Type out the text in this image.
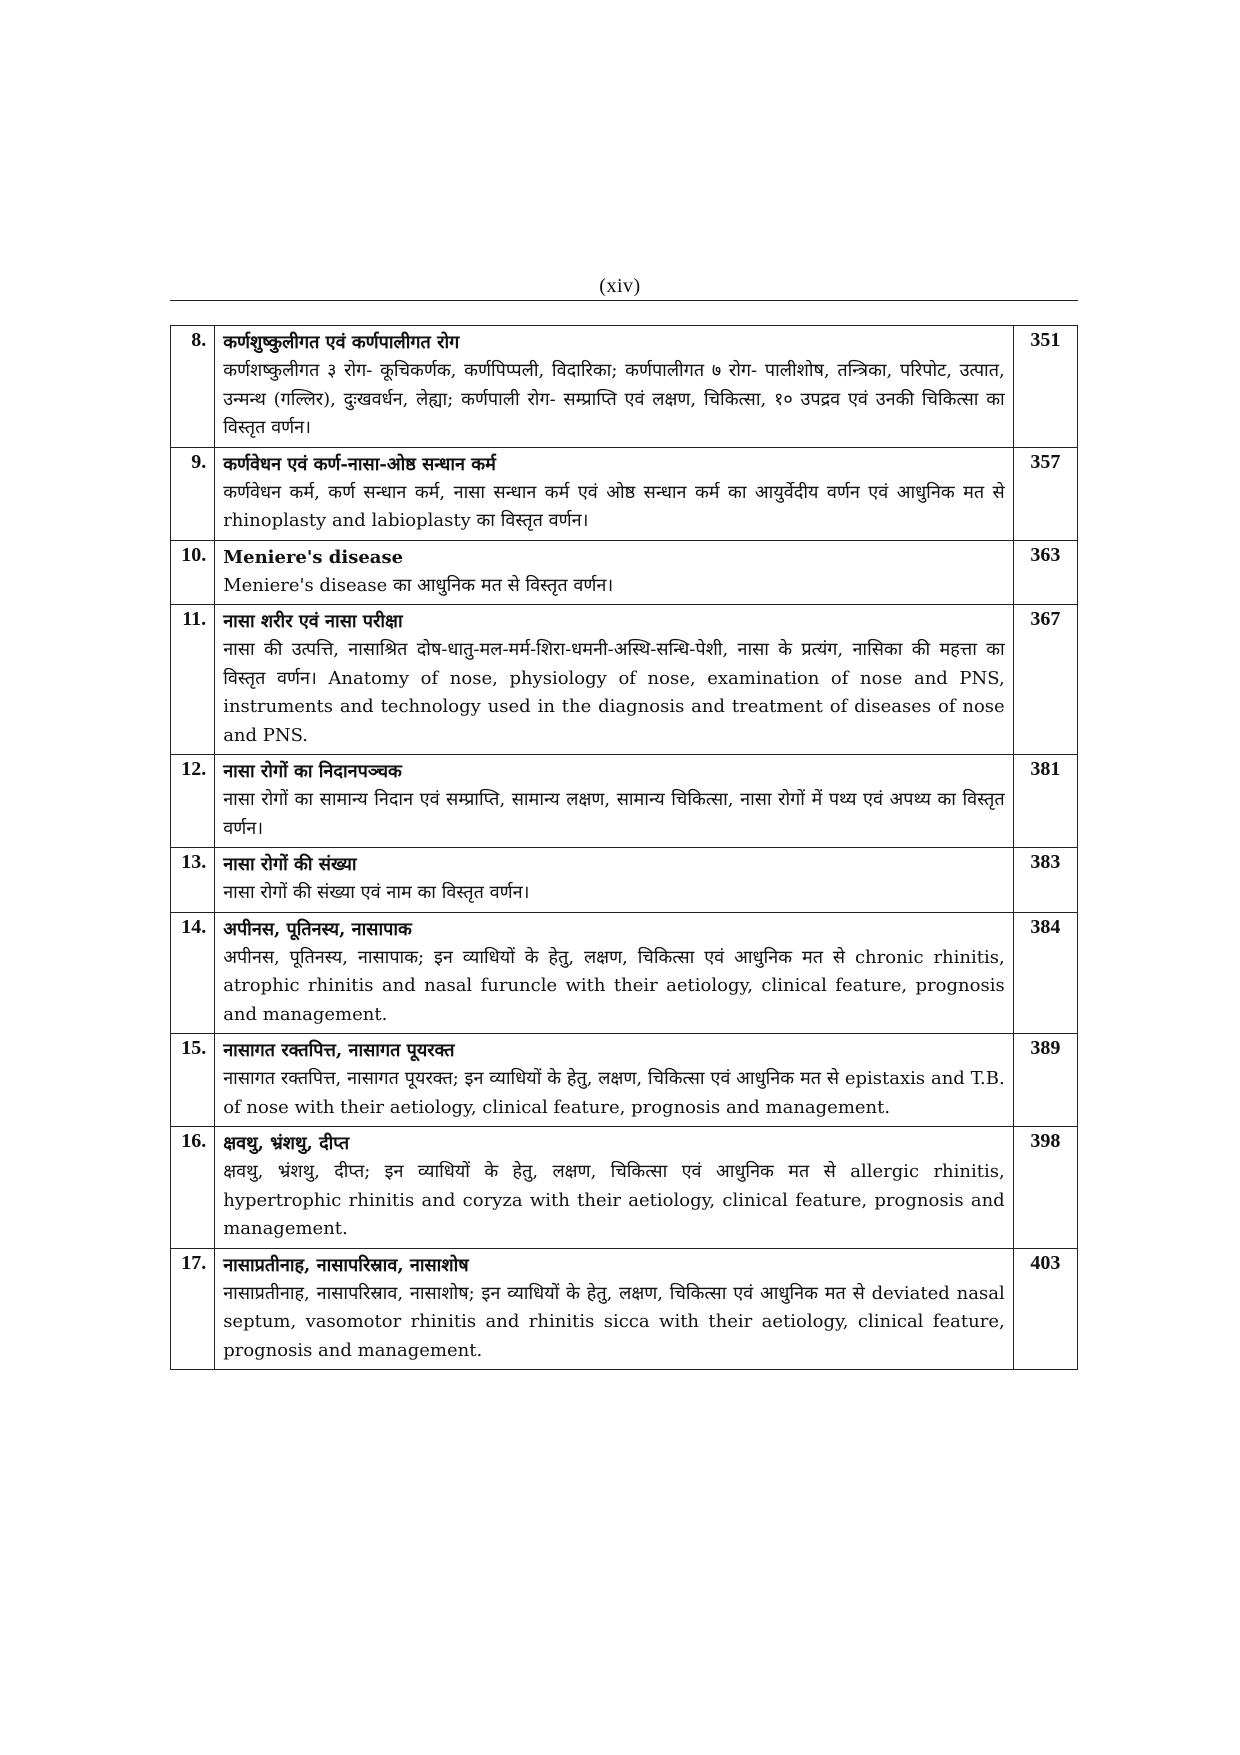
(xiv)
8.	कर्णशुष्कुलीगत एवं कर्णपालीगत रोग
कर्णशष्कुलीगत ३ रोग- कूचिकर्णक, कर्णपिप्पली, विदारिका; कर्णपालीगत ७ रोग- पालीशोष, तन्त्रिका, परिपोट, उत्पात, उन्मन्थ (गल्लिर), दुःखवर्धन, लेह्या; कर्णपाली रोग- सम्प्राप्ति एवं लक्षण, चिकित्सा, १० उपद्रव एवं उनकी चिकित्सा का विस्तृत वर्णन।	351
9.	कर्णवेधन एवं कर्ण-नासा-ओष्ठ सन्धान कर्म
कर्णवेधन कर्म, कर्ण सन्धान कर्म, नासा सन्धान कर्म एवं ओष्ठ सन्धान कर्म का आयुर्वेदीय वर्णन एवं आधुनिक मत से rhinoplasty and labioplasty का विस्तृत वर्णन।	357
10.	Meniere's disease
Meniere's disease का आधुनिक मत से विस्तृत वर्णन।	363
11.	नासा शरीर एवं नासा परीक्षा
नासा की उत्पत्ति, नासाश्रित दोष-धातु-मल-मर्म-शिरा-धमनी-अस्थि-सन्धि-पेशी, नासा के प्रत्यंग, नासिका की महत्ता का विस्तृत वर्णन। Anatomy of nose, physiology of nose, examination of nose and PNS, instruments and technology used in the diagnosis and treatment of diseases of nose and PNS.	367
12.	नासा रोगों का निदानपञ्चक
नासा रोगों का सामान्य निदान एवं सम्प्राप्ति, सामान्य लक्षण, सामान्य चिकित्सा, नासा रोगों में पथ्य एवं अपथ्य का विस्तृत वर्णन।	381
13.	नासा रोगों की संख्या
नासा रोगों की संख्या एवं नाम का विस्तृत वर्णन।	383
14.	अपीनस, पूतिनस्य, नासापाक
अपीनस, पूतिनस्य, नासापाक; इन व्याधियों के हेतु, लक्षण, चिकित्सा एवं आधुनिक मत से chronic rhinitis, atrophic rhinitis and nasal furuncle with their aetiology, clinical feature, prognosis and management.	384
15.	नासागत रक्तपित्त, नासागत पूयरक्त
नासागत रक्तपित्त, नासागत पूयरक्त; इन व्याधियों के हेतु, लक्षण, चिकित्सा एवं आधुनिक मत से epistaxis and T.B. of nose with their aetiology, clinical feature, prognosis and management.	389
16.	क्षवथु, भ्रंशथु, दीप्त
क्षवथु, भ्रंशथु, दीप्त; इन व्याधियों के हेतु, लक्षण, चिकित्सा एवं आधुनिक मत से allergic rhinitis, hypertrophic rhinitis and coryza with their aetiology, clinical feature, prognosis and management.	398
17.	नासाप्रतीनाह, नासापरिस्राव, नासाशोष
नासाप्रतीनाह, नासापरिस्राव, नासाशोष; इन व्याधियों के हेतु, लक्षण, चिकित्सा एवं आधुनिक मत से deviated nasal septum, vasomotor rhinitis and rhinitis sicca with their aetiology, clinical feature, prognosis and management.	403
